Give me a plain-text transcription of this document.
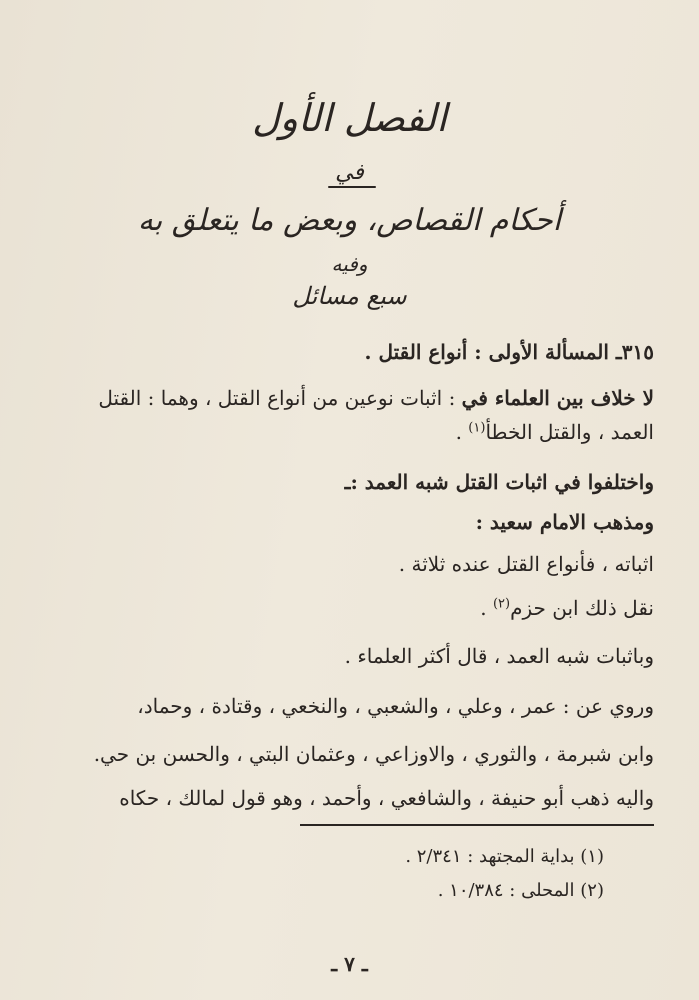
الفصل الأول
في
أحكام القصاص، وبعض ما يتعلق به
وفيه
سبع مسائل
٣١٥ـ المسألة الأولى : أنواع القتل .
لا خلاف بين العلماء في : اثبات نوعين من أنواع القتل ، وهما : القتل
العمد ، والقتل الخطأ$^{(١)}$ .
واختلفوا في اثبات القتل شبه العمد :ـ
ومذهب الامام سعيد :
اثباته ، فأنواع القتل عنده ثلاثة .
نقل ذلك ابن حزم$^{(٢)}$ .
وباثبات شبه العمد ، قال أكثر العلماء .
وروي عن : عمر ، وعلي ، والشعبي ، والنخعي ، وقتادة ، وحماد،
وابن شبرمة ، والثوري ، والاوزاعي ، وعثمان البتي ، والحسن بن حي.
واليه ذهب أبو حنيفة ، والشافعي ، وأحمد ، وهو قول لمالك ، حكاه
(١) بداية المجتهد : ٢/٣٤١ .
(٢) المحلى : ١٠/٣٨٤ .
ـ ٧ ـ
